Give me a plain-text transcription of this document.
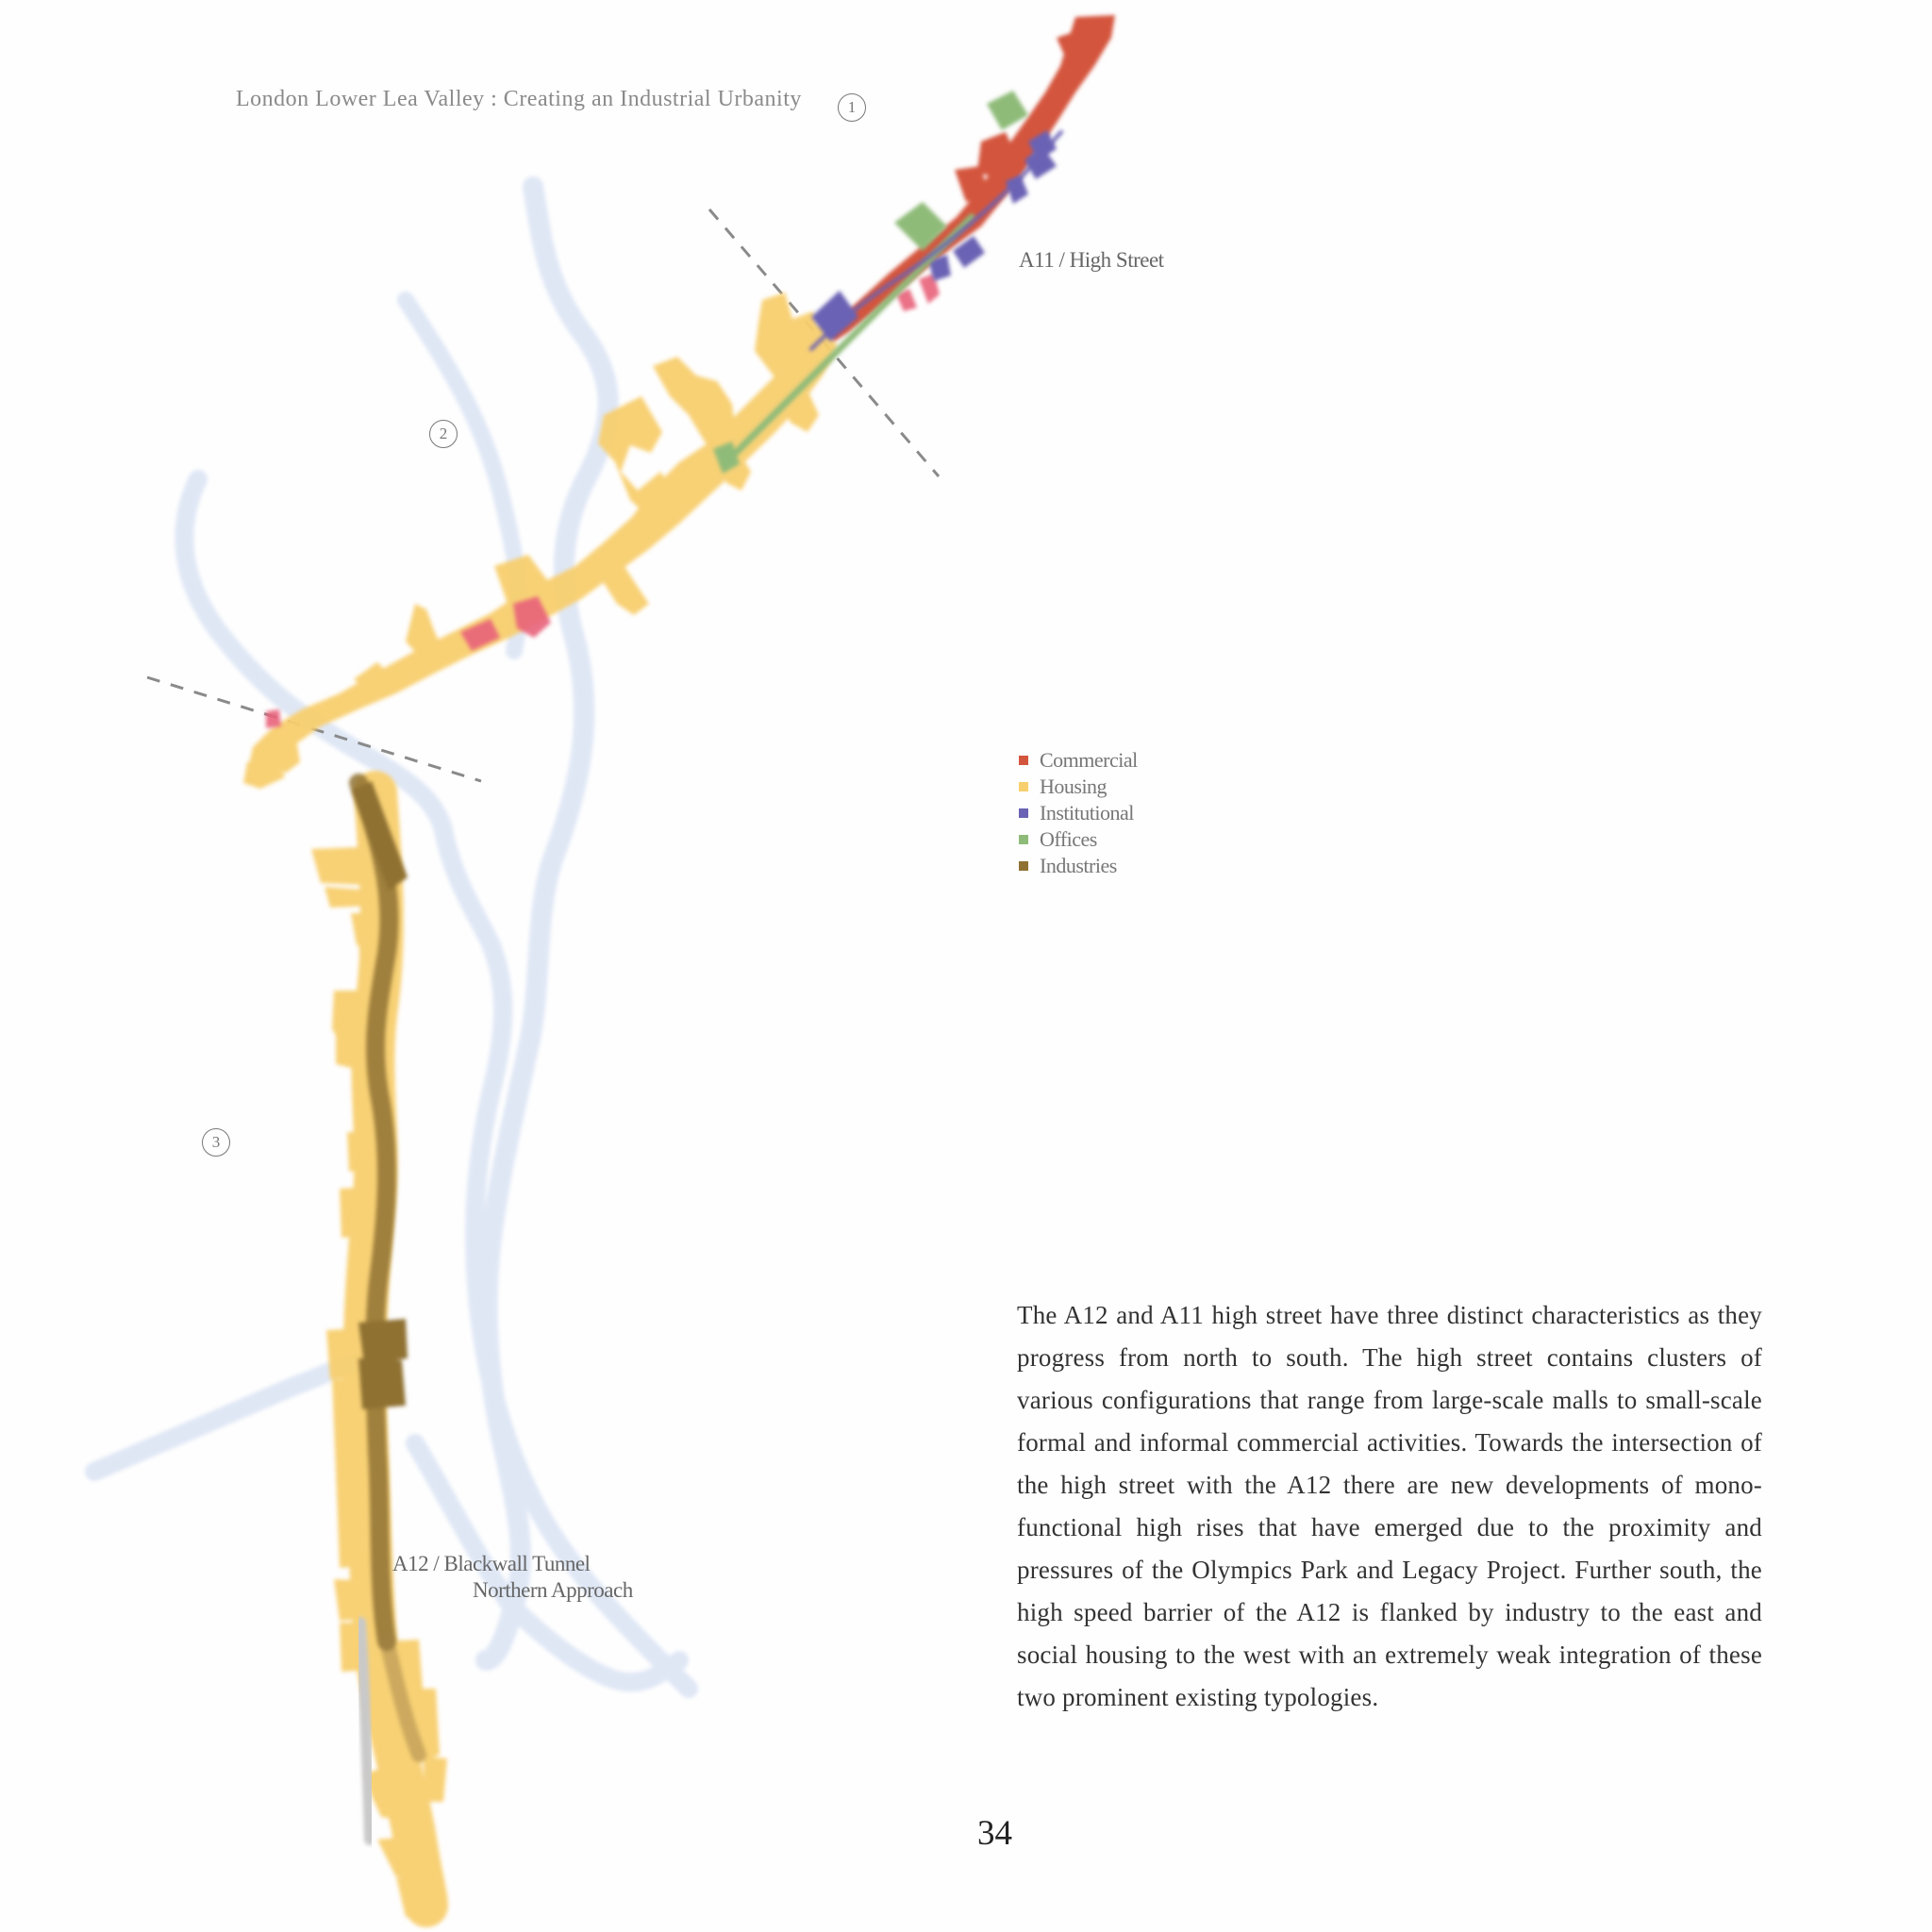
London Lower Lea Valley : Creating an Industrial Urbanity	1
2
3
A11 / High Street
A12 / Blackwall Tunnel
Northern Approach
Commercial
Housing
Institutional
Offices
Industries
The A12 and A11 high street have three distinct characteristics as they progress from north to south. The high street contains clusters of various configurations that range from large-scale malls to small-scale formal and informal commercial activities. Towards the intersection of the high street with the A12 there are new developments of mono-functional high rises that have emerged due to the proximity and pressures of the Olympics Park and Legacy Project. Further south, the high speed barrier of the A12 is flanked by industry to the east and social housing to the west with an extremely weak integration of these two prominent existing typologies.
34
